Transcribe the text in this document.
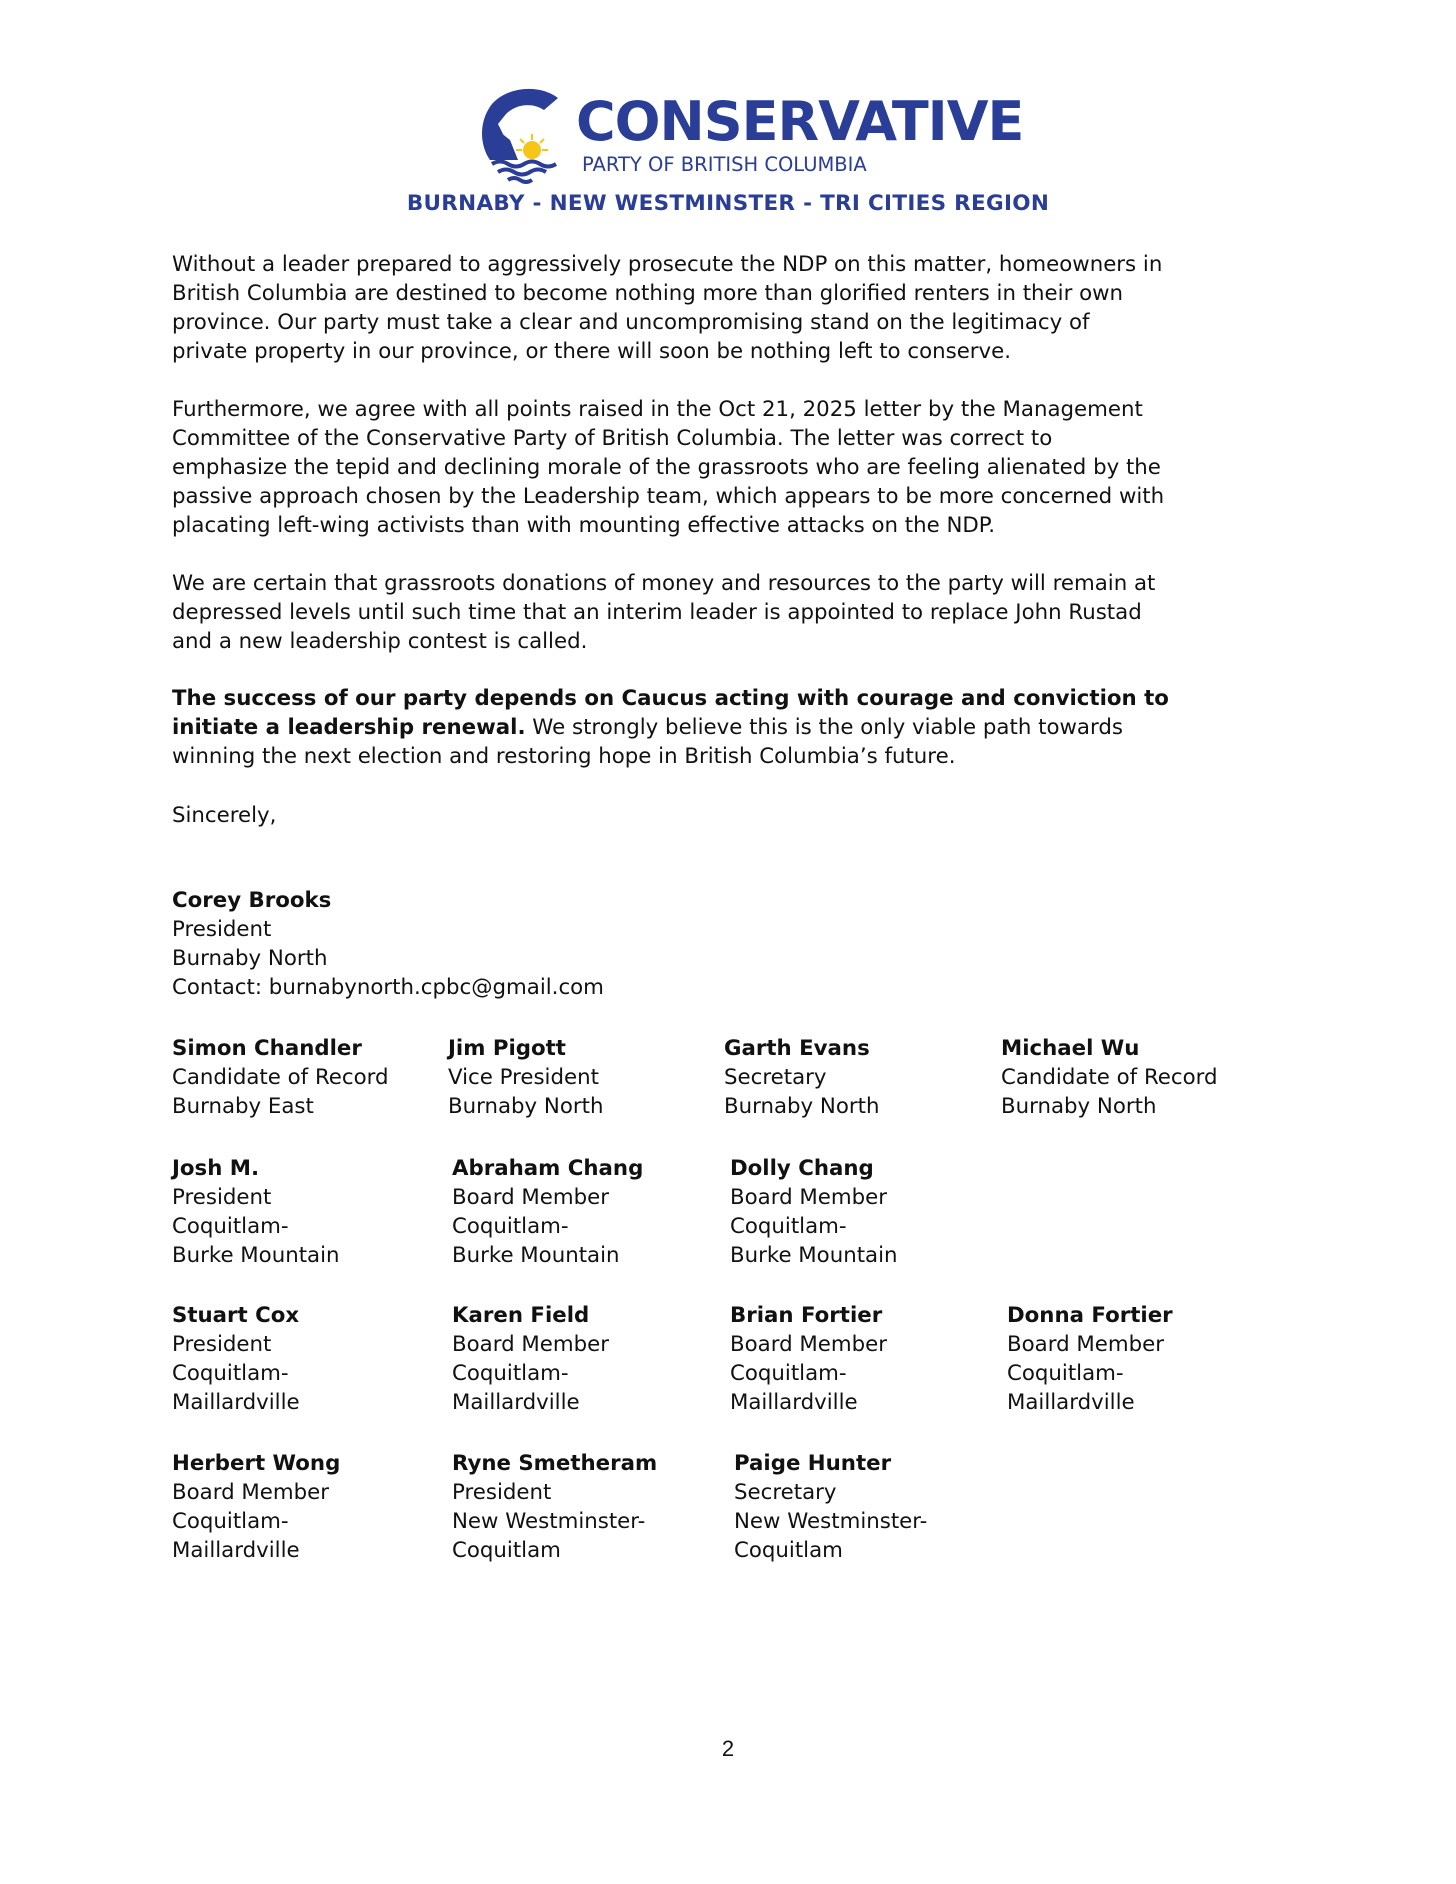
CONSERVATIVE
PARTY OF BRITISH COLUMBIA
BURNABY - NEW WESTMINSTER - TRI CITIES REGION
Without a leader prepared to aggressively prosecute the NDP on this matter, homeowners in
British Columbia are destined to become nothing more than glorified renters in their own
province. Our party must take a clear and uncompromising stand on the legitimacy of
private property in our province, or there will soon be nothing left to conserve.
Furthermore, we agree with all points raised in the Oct 21, 2025 letter by the Management
Committee of the Conservative Party of British Columbia. The letter was correct to
emphasize the tepid and declining morale of the grassroots who are feeling alienated by the
passive approach chosen by the Leadership team, which appears to be more concerned with
placating left-wing activists than with mounting effective attacks on the NDP.
We are certain that grassroots donations of money and resources to the party will remain at
depressed levels until such time that an interim leader is appointed to replace John Rustad
and a new leadership contest is called.
The success of our party depends on Caucus acting with courage and conviction to
initiate a leadership renewal. We strongly believe this is the only viable path towards
winning the next election and restoring hope in British Columbia’s future.
Sincerely,
Corey Brooks
President
Burnaby North
Contact: burnabynorth.cpbc@gmail.com
Simon Chandler
Candidate of Record
Burnaby East
Jim Pigott
Vice President
Burnaby North
Garth Evans
Secretary
Burnaby North
Michael Wu
Candidate of Record
Burnaby North
Josh M.
President
Coquitlam-
Burke Mountain
Abraham Chang
Board Member
Coquitlam-
Burke Mountain
Dolly Chang
Board Member
Coquitlam-
Burke Mountain
Stuart Cox
President
Coquitlam-
Maillardville
Karen Field
Board Member
Coquitlam-
Maillardville
Brian Fortier
Board Member
Coquitlam-
Maillardville
Donna Fortier
Board Member
Coquitlam-
Maillardville
Herbert Wong
Board Member
Coquitlam-
Maillardville
Ryne Smetheram
President
New Westminster-
Coquitlam
Paige Hunter
Secretary
New Westminster-
Coquitlam
2
